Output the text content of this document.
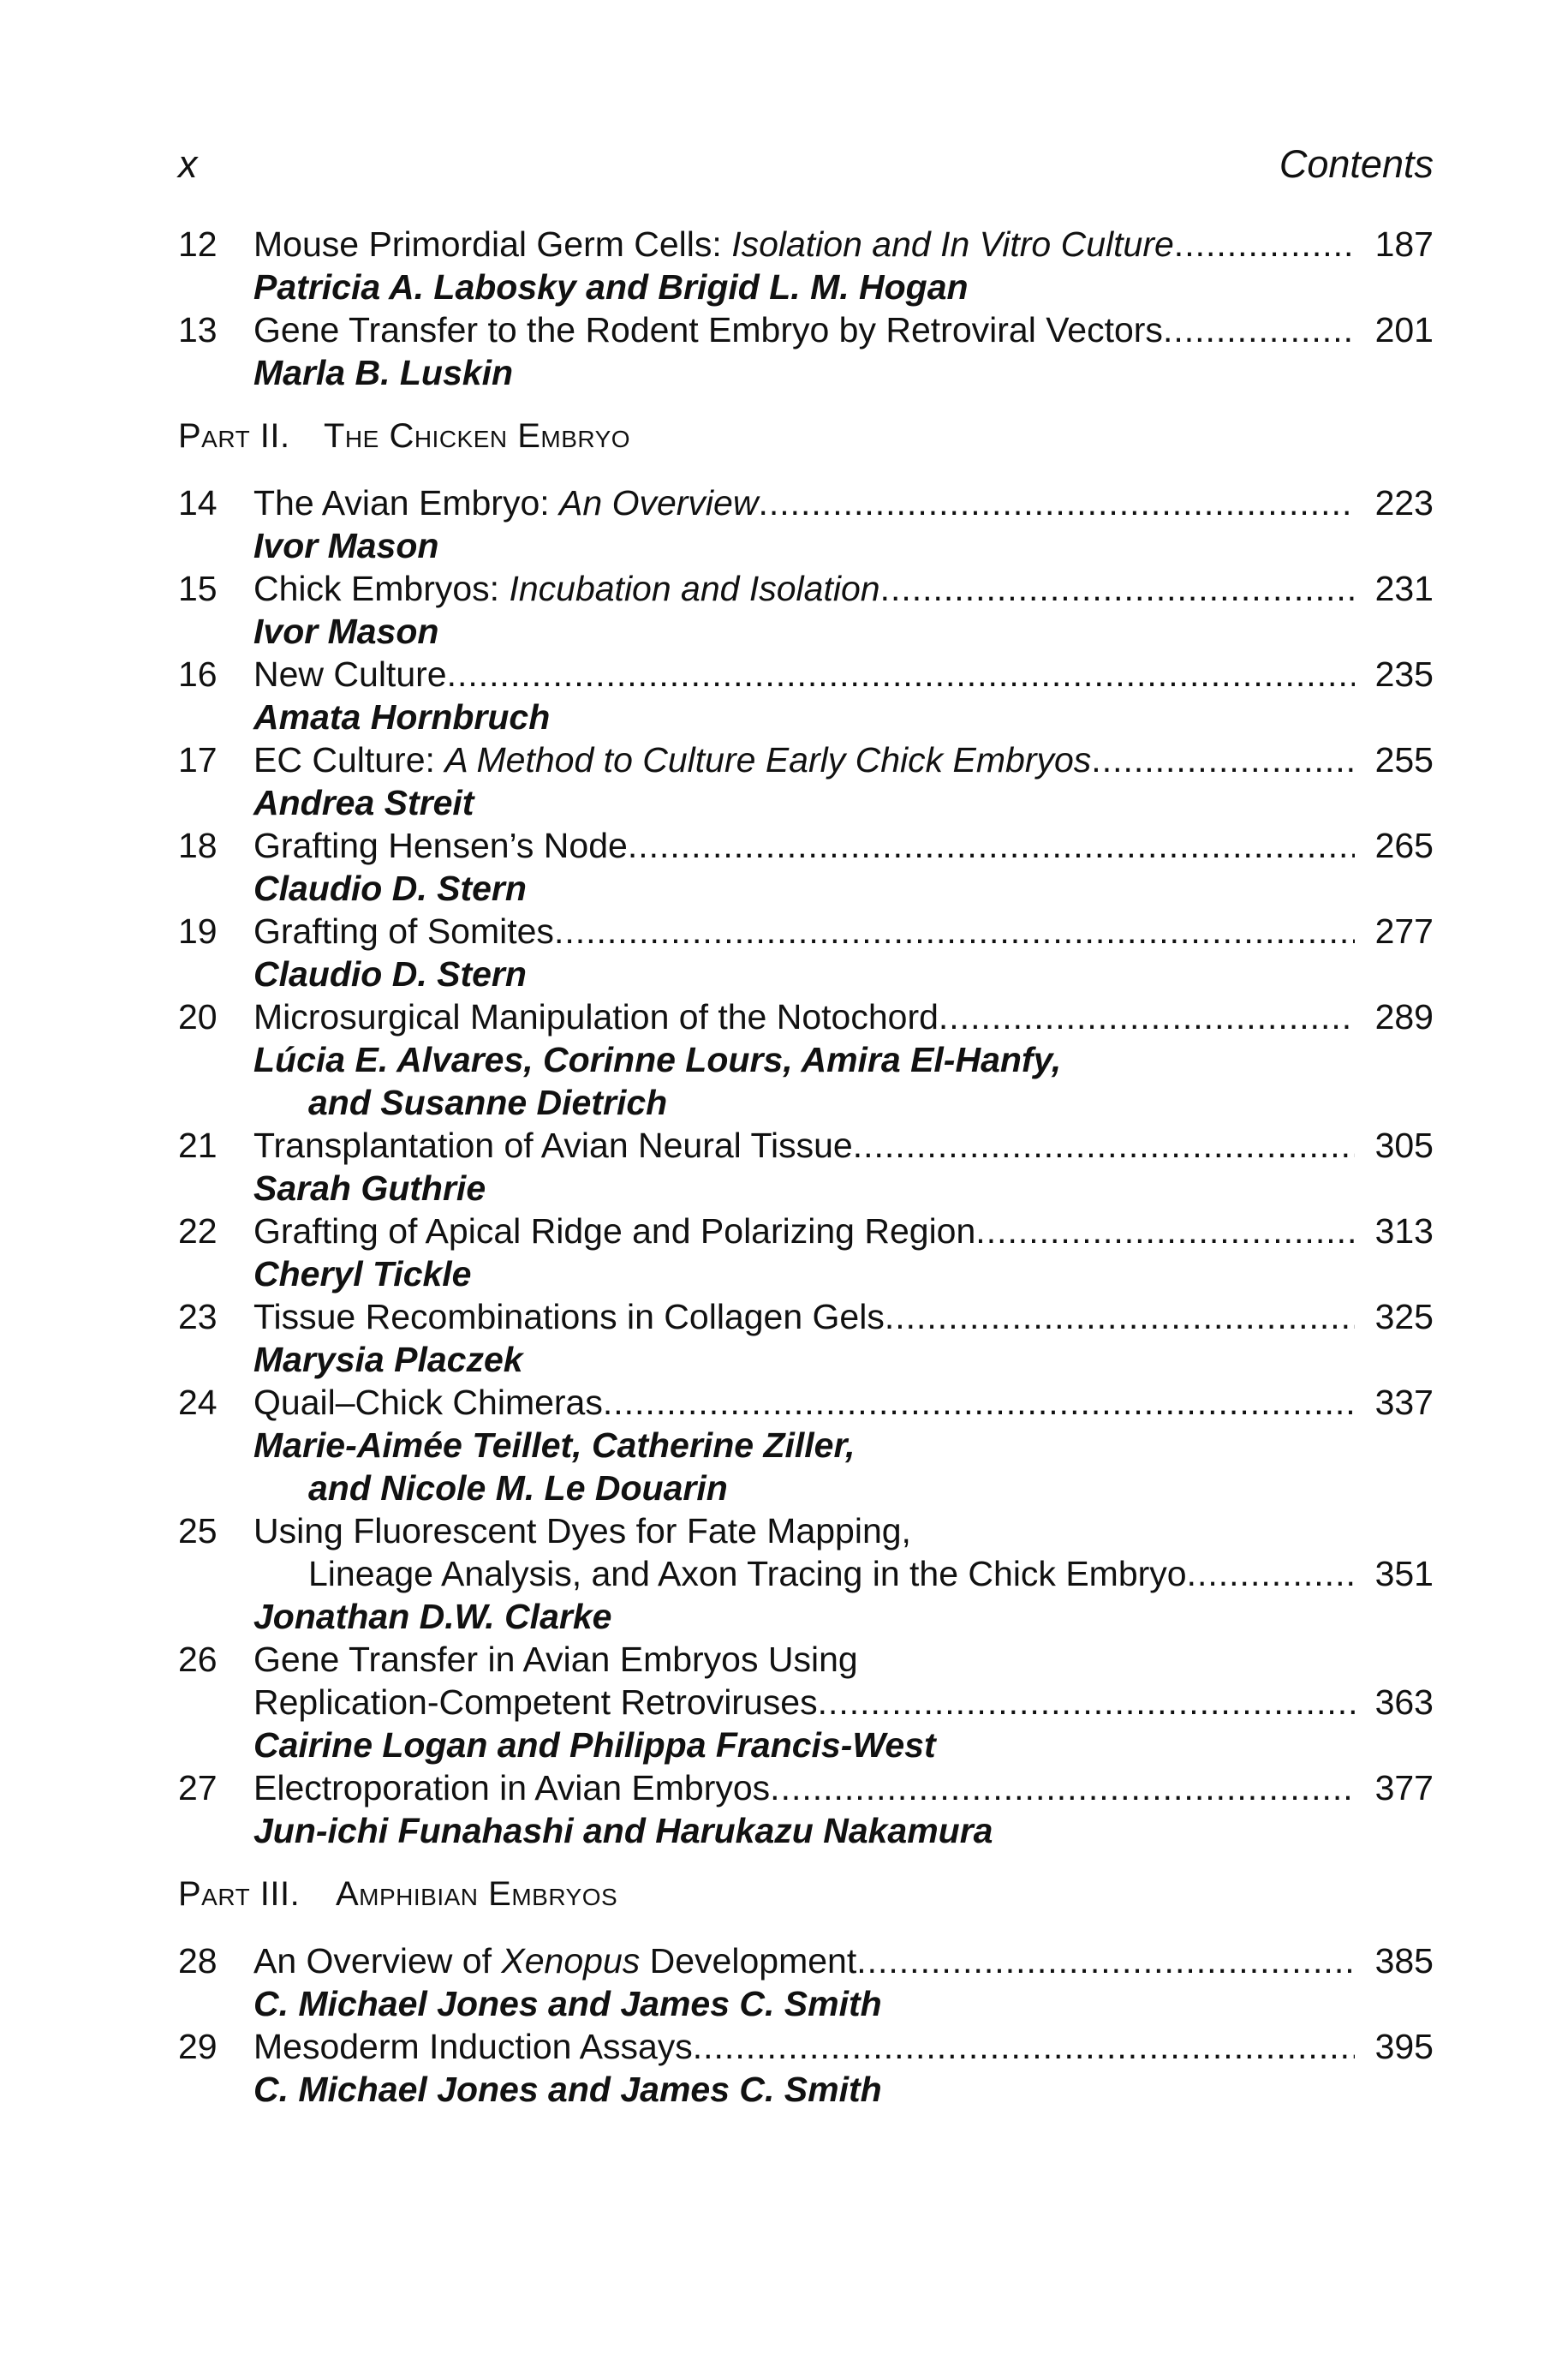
x	Contents
12	Mouse Primordial Germ Cells: Isolation and In Vitro Culture .....	187
Patricia A. Labosky and Brigid L. M. Hogan
13	Gene Transfer to the Rodent Embryo by Retroviral Vectors .....	201
Marla B. Luskin
Part II. The Chicken Embryo
14	The Avian Embryo: An Overview .....	223
Ivor Mason
15	Chick Embryos: Incubation and Isolation .....	231
Ivor Mason
16	New Culture .....	235
Amata Hornbruch
17	EC Culture: A Method to Culture Early Chick Embryos .....	255
Andrea Streit
18	Grafting Hensen’s Node .....	265
Claudio D. Stern
19	Grafting of Somites .....	277
Claudio D. Stern
20	Microsurgical Manipulation of the Notochord .....	289
Lúcia E. Alvares, Corinne Lours, Amira El-Hanfy,
and Susanne Dietrich
21	Transplantation of Avian Neural Tissue .....	305
Sarah Guthrie
22	Grafting of Apical Ridge and Polarizing Region .....	313
Cheryl Tickle
23	Tissue Recombinations in Collagen Gels .....	325
Marysia Placzek
24	Quail–Chick Chimeras .....	337
Marie-Aimée Teillet, Catherine Ziller,
and Nicole M. Le Douarin
25	Using Fluorescent Dyes for Fate Mapping,
Lineage Analysis, and Axon Tracing in the Chick Embryo .....	351
Jonathan D.W. Clarke
26	Gene Transfer in Avian Embryos Using
Replication-Competent Retroviruses .....	363
Cairine Logan and Philippa Francis-West
27	Electroporation in Avian Embryos .....	377
Jun-ichi Funahashi and Harukazu Nakamura
Part III. Amphibian Embryos
28	An Overview of Xenopus Development .....	385
C. Michael Jones and James C. Smith
29	Mesoderm Induction Assays .....	395
C. Michael Jones and James C. Smith
